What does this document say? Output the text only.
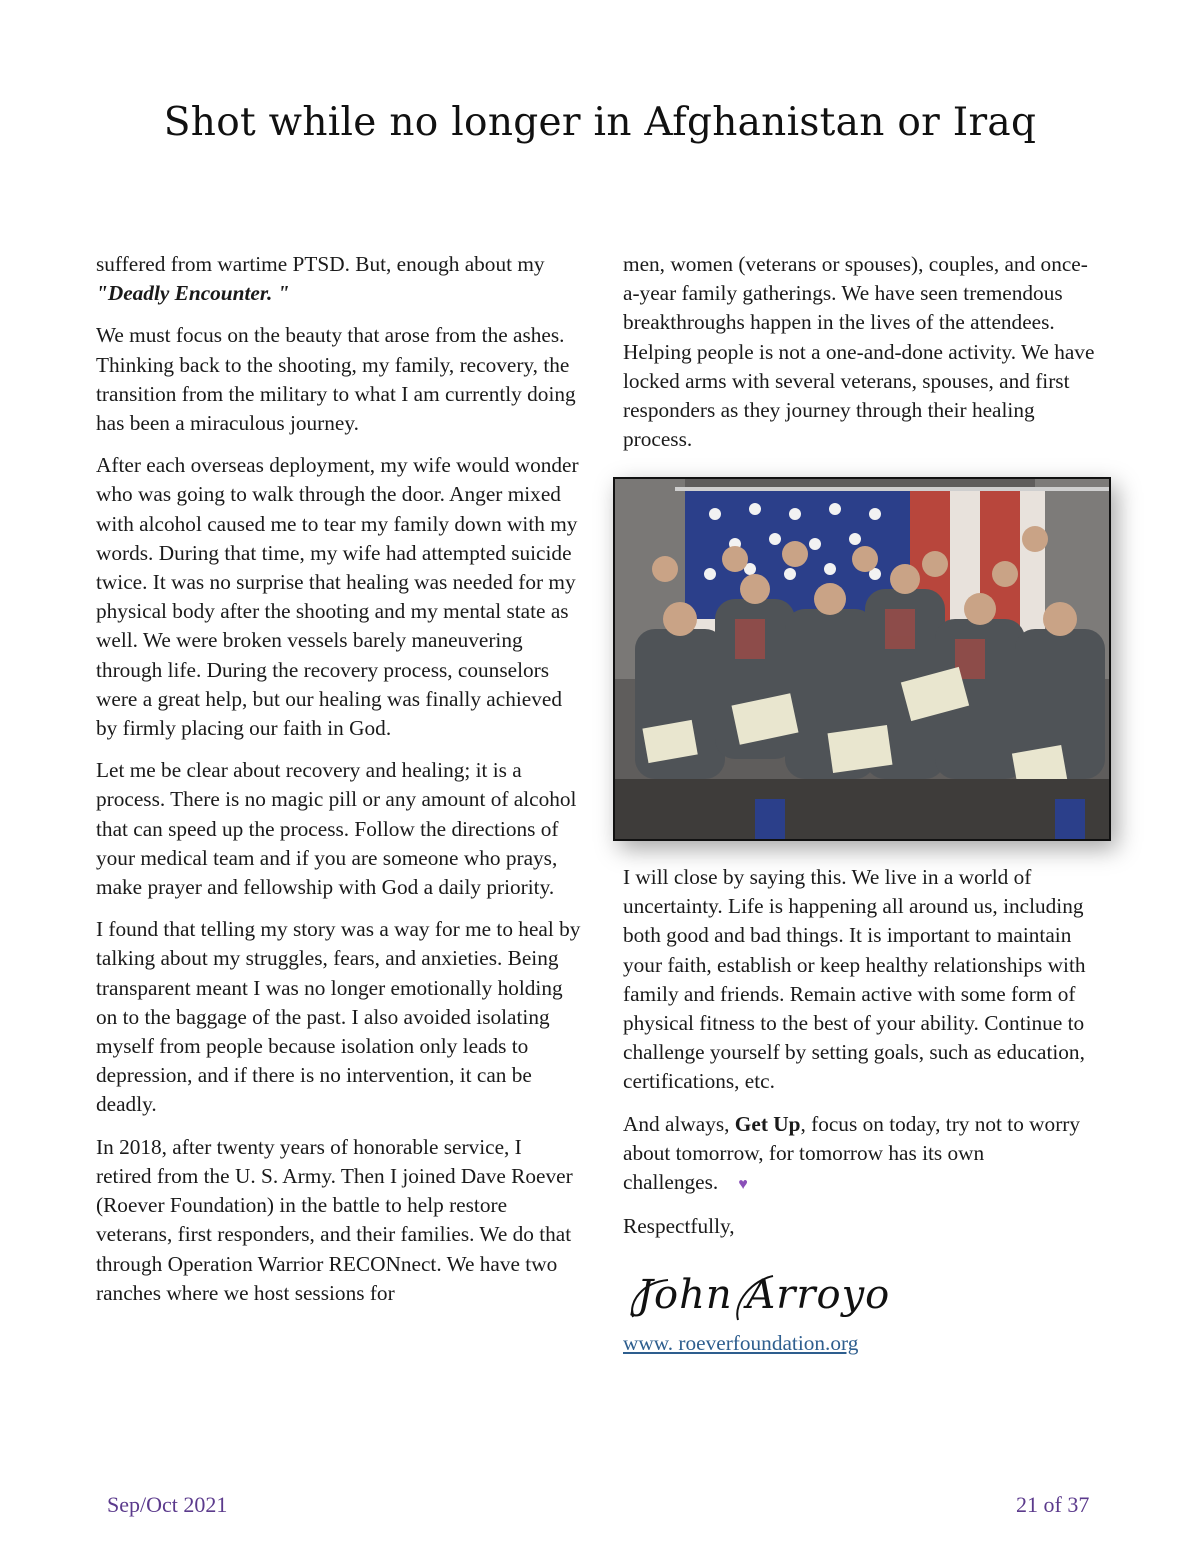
Shot while no longer in Afghanistan or Iraq

suffered from wartime PTSD. But, enough about my "Deadly Encounter. "

We must focus on the beauty that arose from the ashes. Thinking back to the shooting, my family, recovery, the transition from the military to what I am currently doing has been a miraculous journey.

After each overseas deployment, my wife would wonder who was going to walk through the door. Anger mixed with alcohol caused me to tear my family down with my words. During that time, my wife had attempted suicide twice. It was no surprise that healing was needed for my physical body after the shooting and my mental state as well. We were broken vessels barely maneuvering through life. During the recovery process, counselors were a great help, but our healing was finally achieved by firmly placing our faith in God.

Let me be clear about recovery and healing; it is a process. There is no magic pill or any amount of alcohol that can speed up the process. Follow the directions of your medical team and if you are someone who prays, make prayer and fellowship with God a daily priority.

I found that telling my story was a way for me to heal by talking about my struggles, fears, and anxieties. Being transparent meant I was no longer emotionally holding on to the baggage of the past. I also avoided isolating myself from people because isolation only leads to depression, and if there is no intervention, it can be deadly.

In 2018, after twenty years of honorable service, I retired from the U. S. Army. Then I joined Dave Roever (Roever Foundation) in the battle to help restore veterans, first responders, and their families. We do that through Operation Warrior RECONnect. We have two ranches where we host sessions for

men, women (veterans or spouses), couples, and once-a-year family gatherings. We have seen tremendous breakthroughs happen in the lives of the attendees. Helping people is not a one-and-done activity. We have locked arms with several veterans, spouses, and first responders as they journey through their healing process.

I will close by saying this. We live in a world of uncertainty. Life is happening all around us, including both good and bad things. It is important to maintain your faith, establish or keep healthy relationships with family and friends. Remain active with some form of physical fitness to the best of your ability. Continue to challenge yourself by setting goals, such as education, certifications, etc.

And always, Get Up, focus on today, try not to worry about tomorrow, for tomorrow has its own challenges. ♥

Respectfully,

John Arroyo
www. roeverfoundation.org
Sep/Oct 2021	21 of 37
